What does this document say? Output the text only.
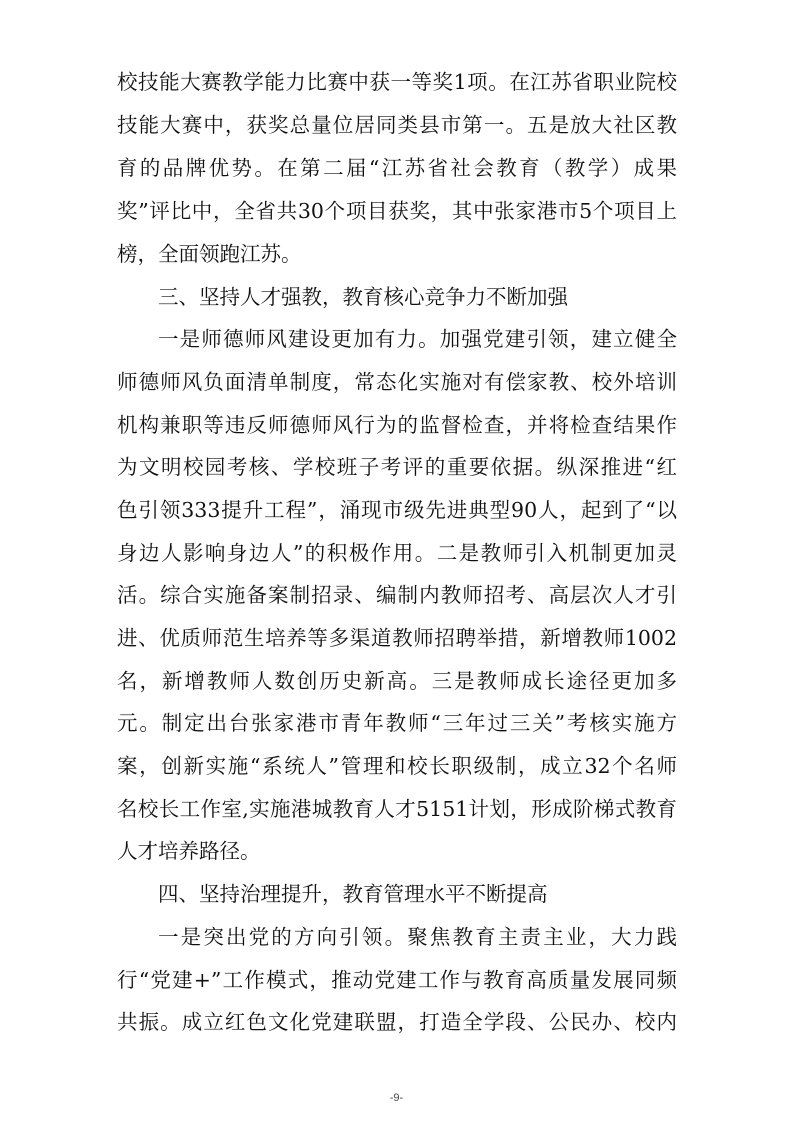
校技能大赛教学能力比赛中获一等奖1项。在江苏省职业院校
技能大赛中，获奖总量位居同类县市第一。五是放大社区教
育的品牌优势。在第二届“江苏省社会教育（教学）成果
奖”评比中，全省共30个项目获奖，其中张家港市5个项目上
榜，全面领跑江苏。
三、坚持人才强教，教育核心竞争力不断加强
一是师德师风建设更加有力。加强党建引领，建立健全
师德师风负面清单制度，常态化实施对有偿家教、校外培训
机构兼职等违反师德师风行为的监督检查，并将检查结果作
为文明校园考核、学校班子考评的重要依据。纵深推进“红
色引领333提升工程”，涌现市级先进典型90人，起到了“以
身边人影响身边人”的积极作用。二是教师引入机制更加灵
活。综合实施备案制招录、编制内教师招考、高层次人才引
进、优质师范生培养等多渠道教师招聘举措，新增教师1002
名，新增教师人数创历史新高。三是教师成长途径更加多
元。制定出台张家港市青年教师“三年过三关”考核实施方
案，创新实施“系统人”管理和校长职级制，成立32个名师
名校长工作室,实施港城教育人才5151计划，形成阶梯式教育
人才培养路径。
四、坚持治理提升，教育管理水平不断提高
一是突出党的方向引领。聚焦教育主责主业，大力践
行“党建+”工作模式，推动党建工作与教育高质量发展同频
共振。成立红色文化党建联盟，打造全学段、公民办、校内
-9-
